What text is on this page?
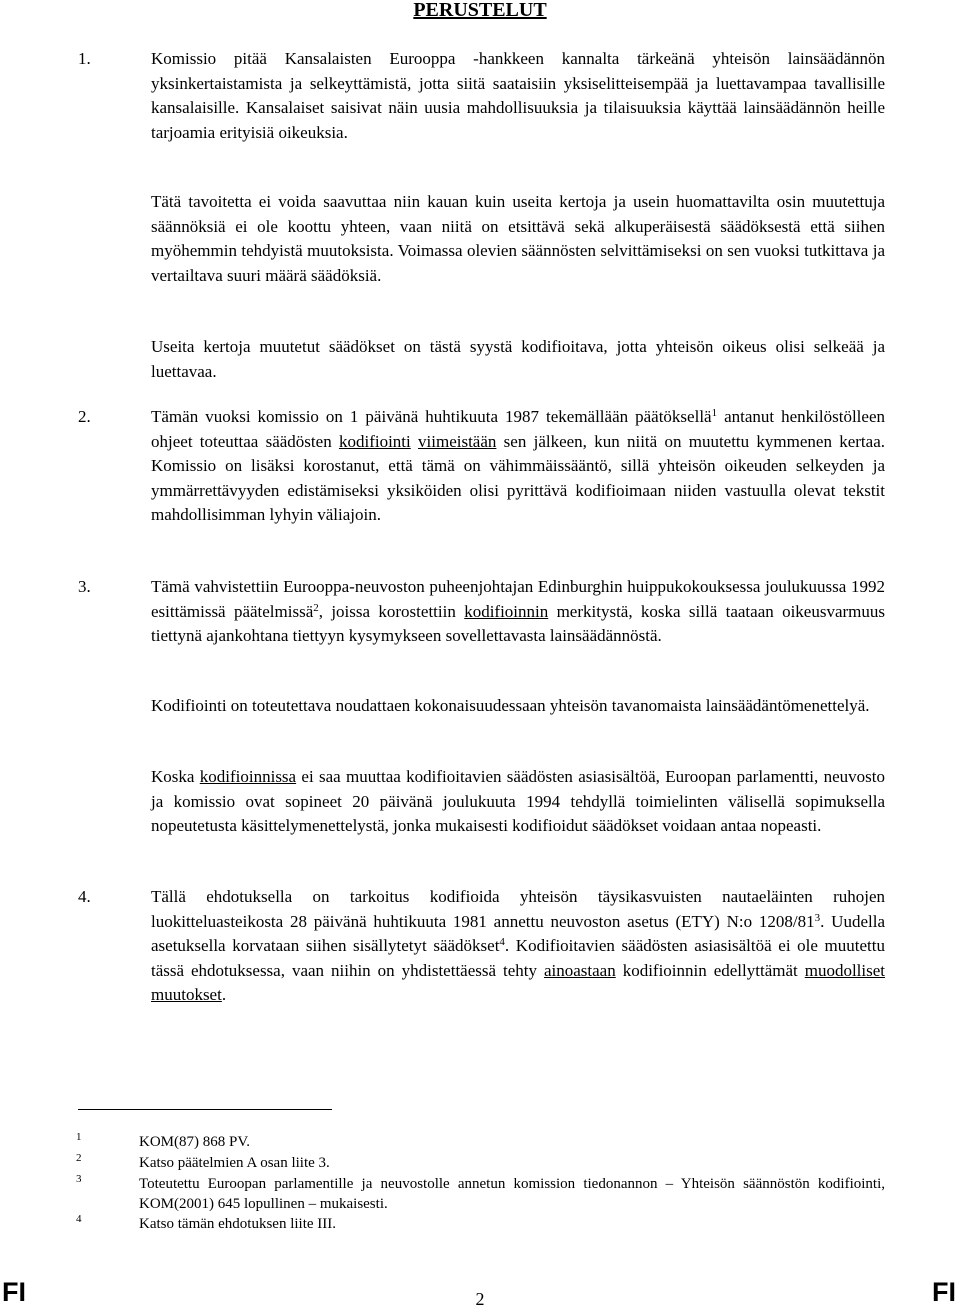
PERUSTELUT
1.	Komissio pitää Kansalaisten Eurooppa -hankkeen kannalta tärkeänä yhteisön lainsäädännön yksinkertaistamista ja selkeyttämistä, jotta siitä saataisiin yksiselitteisempää ja luettavampaa tavallisille kansalaisille. Kansalaiset saisivat näin uusia mahdollisuuksia ja tilaisuuksia käyttää lainsäädännön heille tarjoamia erityisiä oikeuksia.

Tätä tavoitetta ei voida saavuttaa niin kauan kuin useita kertoja ja usein huomattavilta osin muutettuja säännöksiä ei ole koottu yhteen, vaan niitä on etsittävä sekä alkuperäisestä säädöksestä että siihen myöhemmin tehdyistä muutoksista. Voimassa olevien säännösten selvittämiseksi on sen vuoksi tutkittava ja vertailtava suuri määrä säädöksiä.

Useita kertoja muutetut säädökset on tästä syystä kodifioitava, jotta yhteisön oikeus olisi selkeää ja luettavaa.

2.	Tämän vuoksi komissio on 1 päivänä huhtikuuta 1987 tekemällään päätöksellä$^1$ antanut henkilöstölleen ohjeet toteuttaa säädösten kodifiointi viimeistään sen jälkeen, kun niitä on muutettu kymmenen kertaa. Komissio on lisäksi korostanut, että tämä on vähimmäissääntö, sillä yhteisön oikeuden selkeyden ja ymmärrettävyyden edistämiseksi yksiköiden olisi pyrittävä kodifioimaan niiden vastuulla olevat tekstit mahdollisimman lyhyin väliajoin.

3.	Tämä vahvistettiin Eurooppa-neuvoston puheenjohtajan Edinburghin huippukokouksessa joulukuussa 1992 esittämissä päätelmissä$^2$, joissa korostettiin kodifioinnin merkitystä, koska sillä taataan oikeusvarmuus tiettynä ajankohtana tiettyyn kysymykseen sovellettavasta lainsäädännöstä.

Kodifiointi on toteutettava noudattaen kokonaisuudessaan yhteisön tavanomaista lainsäädäntömenettelyä.

Koska kodifioinnissa ei saa muuttaa kodifioitavien säädösten asiasisältöä, Euroopan parlamentti, neuvosto ja komissio ovat sopineet 20 päivänä joulukuuta 1994 tehdyllä toimielinten välisellä sopimuksella nopeutetusta käsittelymenettelystä, jonka mukaisesti kodifioidut säädökset voidaan antaa nopeasti.

4.	Tällä ehdotuksella on tarkoitus kodifioida yhteisön täysikasvuisten nautaeläinten ruhojen luokitteluasteikosta 28 päivänä huhtikuuta 1981 annettu neuvoston asetus (ETY) N:o $1208/81^3$. Uudella asetuksella korvataan siihen sisällytetyt säädökset$^4$. Kodifioitavien säädösten asiasisältöä ei ole muutettu tässä ehdotuksessa, vaan niihin on yhdistettäessä tehty ainoastaan kodifioinnin edellyttämät muodolliset muutokset.

1	KOM(87) 868 PV.

2	Katso päätelmien A osan liite 3.

3	Toteutettu Euroopan parlamentille ja neuvostolle annetun komission tiedonannon – Yhteisön säännöstön kodifiointi, KOM(2001) 645 lopullinen – mukaisesti.

4	Katso tämän ehdotuksen liite III.

FI	2	FI
